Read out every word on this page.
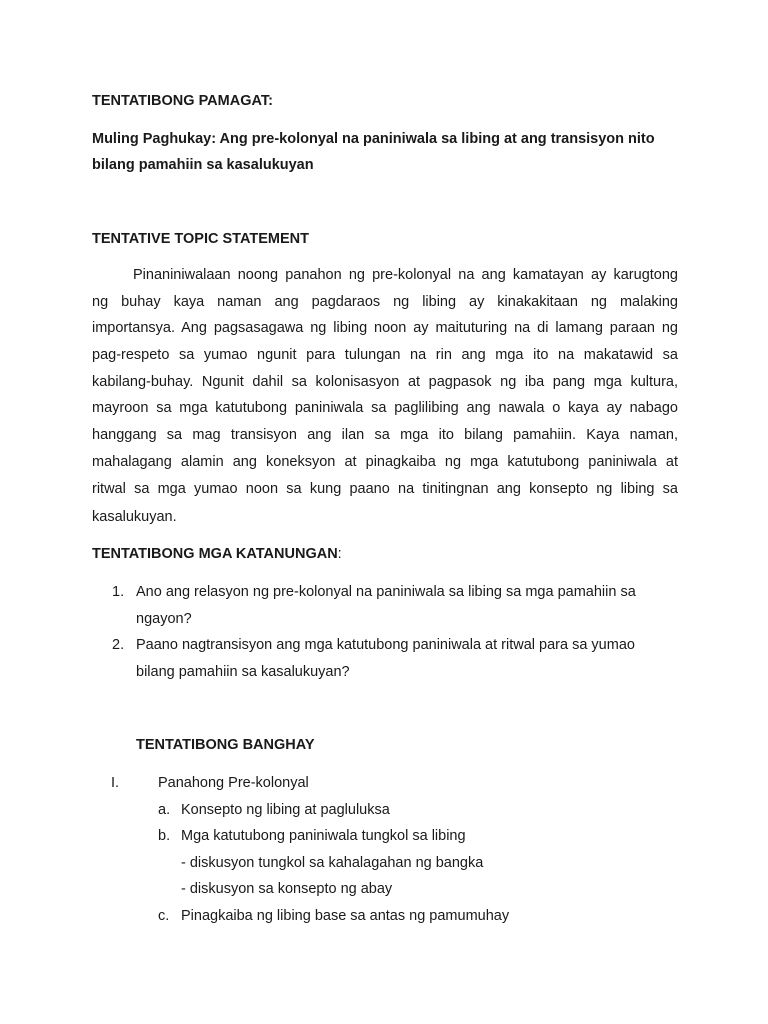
TENTATIBONG PAMAGAT:
Muling Paghukay: Ang pre-kolonyal na paniniwala sa libing at ang transisyon nito
bilang pamahiin sa kasalukuyan
TENTATIVE TOPIC STATEMENT
Pinaniniwalaan noong panahon ng pre-kolonyal na ang kamatayan ay karugtong
ng buhay kaya naman ang pagdaraos ng libing ay kinakakitaan ng malaking
importansya. Ang pagsasagawa ng libing noon ay maituturing na di lamang paraan ng
pag-respeto sa yumao ngunit para tulungan na rin ang mga ito na makatawid sa
kabilang-buhay. Ngunit dahil sa kolonisasyon at pagpasok ng iba pang mga kultura,
mayroon sa mga katutubong paniniwala sa paglilibing ang nawala o kaya ay nabago
hanggang sa mag transisyon ang ilan sa mga ito bilang pamahiin. Kaya naman,
mahalagang alamin ang koneksyon at pinagkaiba ng mga katutubong paniniwala at
ritwal sa mga yumao noon sa kung paano na tinitingnan ang konsepto ng libing sa
kasalukuyan.
TENTATIBONG MGA KATANUNGAN:
1. Ano ang relasyon ng pre-kolonyal na paniniwala sa libing sa mga pamahiin sa
ngayon?
2. Paano nagtransisyon ang mga katutubong paniniwala at ritwal para sa yumao
bilang pamahiin sa kasalukuyan?
TENTATIBONG BANGHAY
I.	Panahong Pre-kolonyal
a. Konsepto ng libing at pagluluksa
b. Mga katutubong paniniwala tungkol sa libing
- diskusyon tungkol sa kahalagahan ng bangka
- diskusyon sa konsepto ng abay
c. Pinagkaiba ng libing base sa antas ng pamumuhay
